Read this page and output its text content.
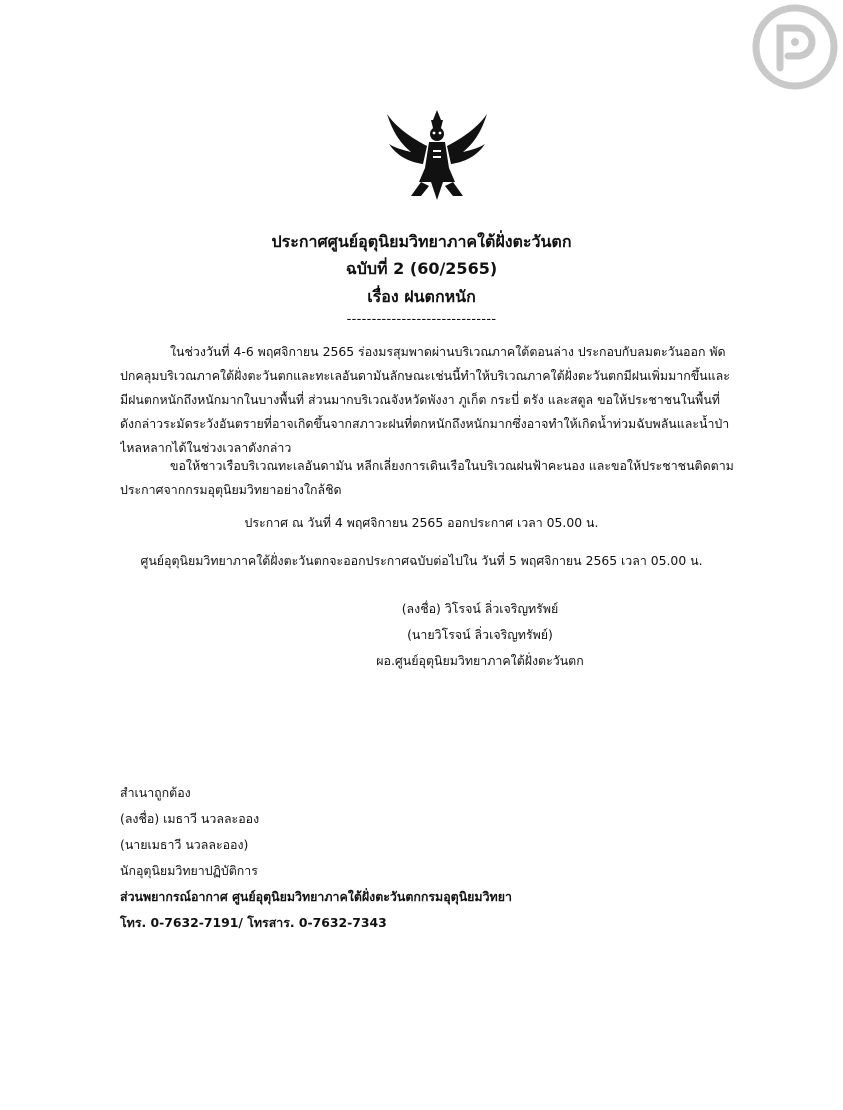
ประกาศศูนย์อุตุนิยมวิทยาภาคใต้ฝั่งตะวันตก
ฉบับที่ 2 (60/2565)
เรื่อง ฝนตกหนัก
------------------------------
ในช่วงวันที่ 4-6 พฤศจิกายน 2565 ร่องมรสุมพาดผ่านบริเวณภาคใต้ตอนล่าง ประกอบกับลมตะวันออก พัด
ปกคลุมบริเวณภาคใต้ฝั่งตะวันตกและทะเลอันดามันลักษณะเช่นนี้ทำให้บริเวณภาคใต้ฝั่งตะวันตกมีฝนเพิ่มมากขึ้นและ
มีฝนตกหนักถึงหนักมากในบางพื้นที่ ส่วนมากบริเวณจังหวัดพังงา ภูเก็ต กระบี่ ตรัง และสตูล ขอให้ประชาชนในพื้นที่
ดังกล่าวระมัดระวังอันตรายที่อาจเกิดขึ้นจากสภาวะฝนที่ตกหนักถึงหนักมากซึ่งอาจทำให้เกิดน้ำท่วมฉับพลันและน้ำป่า
ไหลหลากได้ในช่วงเวลาดังกล่าว
ขอให้ชาวเรือบริเวณทะเลอันดามัน หลีกเลี่ยงการเดินเรือในบริเวณฝนฟ้าคะนอง และขอให้ประชาชนติดตาม
ประกาศจากกรมอุตุนิยมวิทยาอย่างใกล้ชิด
ประกาศ ณ วันที่ 4 พฤศจิกายน 2565 ออกประกาศ เวลา 05.00 น.
ศูนย์อุตุนิยมวิทยาภาคใต้ฝั่งตะวันตกจะออกประกาศฉบับต่อไปใน วันที่ 5 พฤศจิกายน 2565 เวลา 05.00 น.
(ลงชื่อ) วิโรจน์ ลิ่วเจริญทรัพย์
(นายวิโรจน์ ลิ่วเจริญทรัพย์)
ผอ.ศูนย์อุตุนิยมวิทยาภาคใต้ฝั่งตะวันตก
สำเนาถูกต้อง
(ลงชื่อ) เมธาวี นวลละออง
(นายเมธาวี นวลละออง)
นักอุตุนิยมวิทยาปฏิบัติการ
ส่วนพยากรณ์อากาศ ศูนย์อุตุนิยมวิทยาภาคใต้ฝั่งตะวันตกกรมอุตุนิยมวิทยา
โทร. 0-7632-7191/ โทรสาร. 0-7632-7343
